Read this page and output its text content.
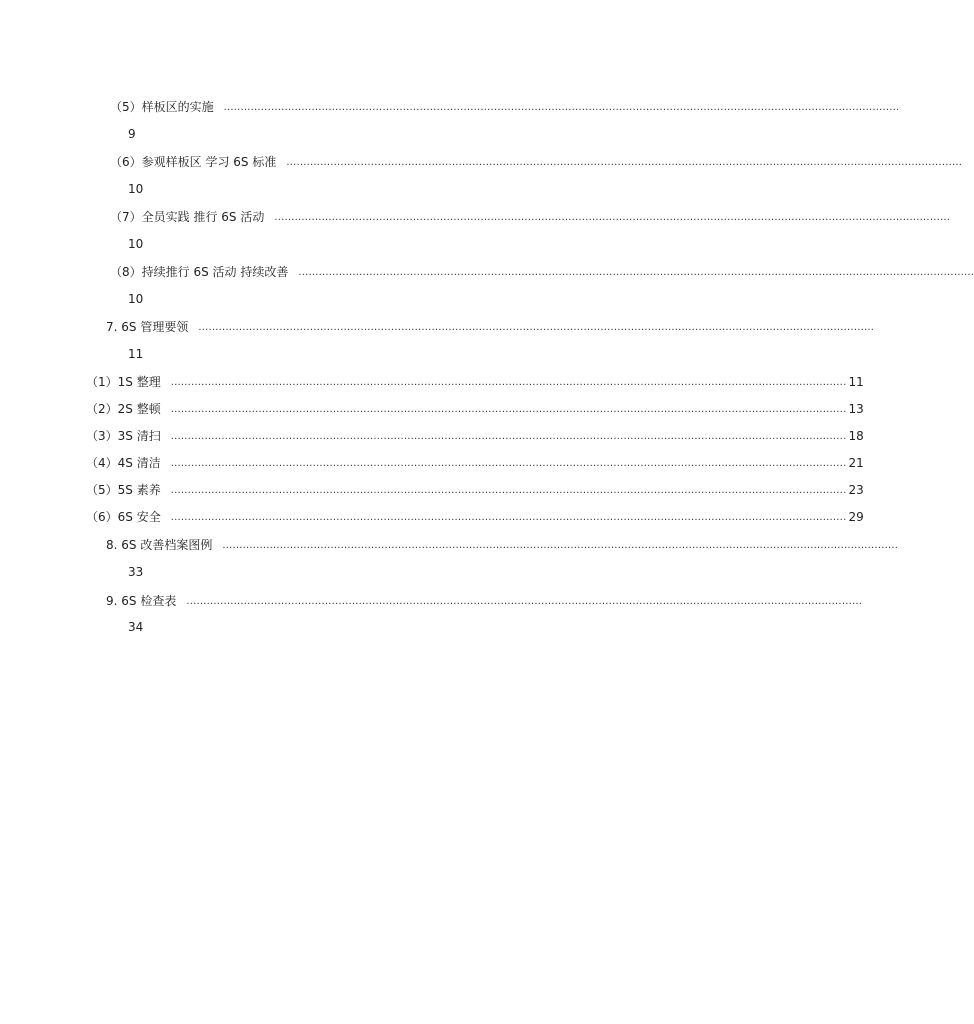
（5）样板区的实施 ........................................................................................................................................................................................................
9
（6）参观样板区 学习 6S 标准 ........................................................................................................................................................................................................
10
（7）全员实践 推行 6S 活动 ........................................................................................................................................................................................................
10
（8）持续推行 6S 活动 持续改善 ........................................................................................................................................................................................................
10
7. 6S 管理要领 ........................................................................................................................................................................................................
11
（1）1S 整理 ........................................................................................................................................................................................................ 11
（2）2S 整顿 ........................................................................................................................................................................................................ 13
（3）3S 清扫 ........................................................................................................................................................................................................ 18
（4）4S 清洁 ........................................................................................................................................................................................................ 21
（5）5S 素养 ........................................................................................................................................................................................................ 23
（6）6S 安全 ........................................................................................................................................................................................................ 29
8. 6S 改善档案图例 ........................................................................................................................................................................................................
33
9. 6S 检查表 ........................................................................................................................................................................................................
34
